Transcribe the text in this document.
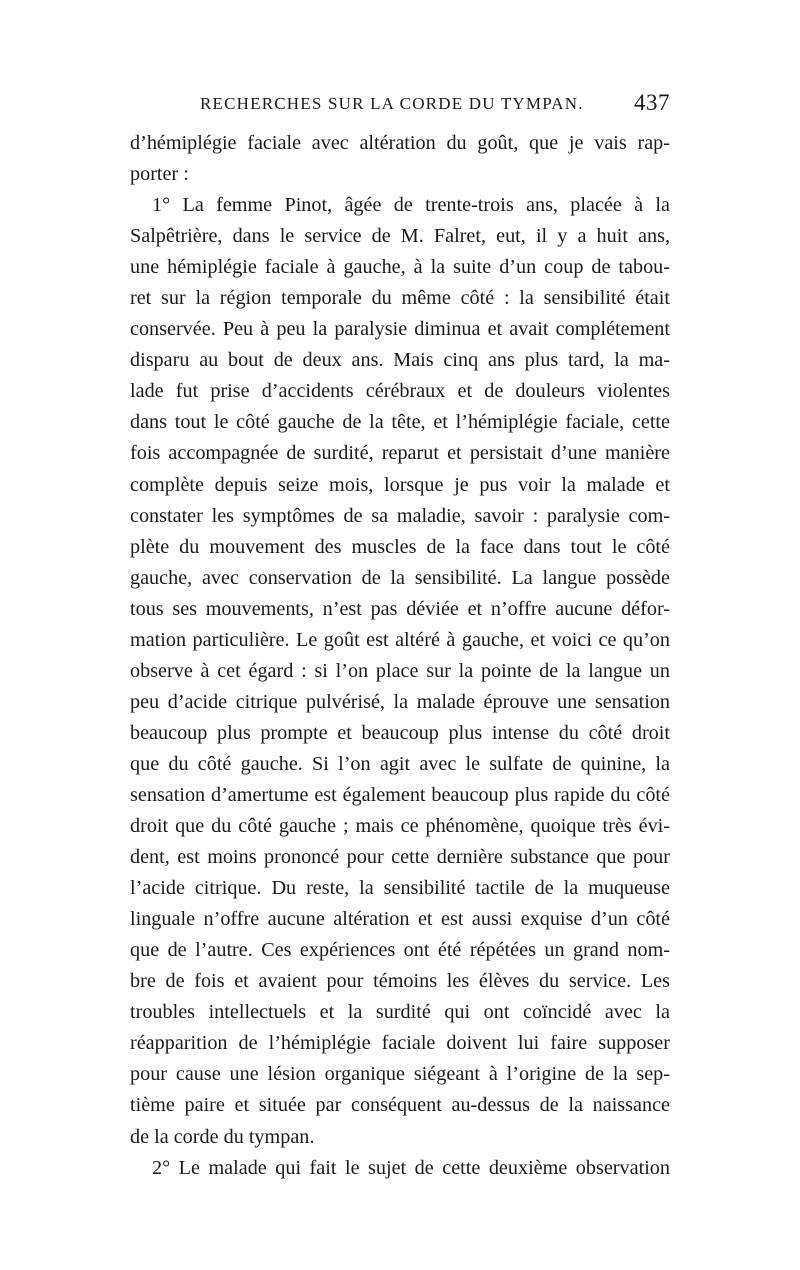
RECHERCHES SUR LA CORDE DU TYMPAN. 437
d’hémiplégie faciale avec altération du goût, que je vais rap-
porter :
1° La femme Pinot, âgée de trente-trois ans, placée à la
Salpêtrière, dans le service de M. Falret, eut, il y a huit ans,
une hémiplégie faciale à gauche, à la suite d’un coup de tabou-
ret sur la région temporale du même côté : la sensibilité était
conservée. Peu à peu la paralysie diminua et avait complétement
disparu au bout de deux ans. Mais cinq ans plus tard, la ma-
lade fut prise d’accidents cérébraux et de douleurs violentes
dans tout le côté gauche de la tête, et l’hémiplégie faciale, cette
fois accompagnée de surdité, reparut et persistait d’une manière
complète depuis seize mois, lorsque je pus voir la malade et
constater les symptômes de sa maladie, savoir : paralysie com-
plète du mouvement des muscles de la face dans tout le côté
gauche, avec conservation de la sensibilité. La langue possède
tous ses mouvements, n’est pas déviée et n’offre aucune défor-
mation particulière. Le goût est altéré à gauche, et voici ce qu’on
observe à cet égard : si l’on place sur la pointe de la langue un
peu d’acide citrique pulvérisé, la malade éprouve une sensation
beaucoup plus prompte et beaucoup plus intense du côté droit
que du côté gauche. Si l’on agit avec le sulfate de quinine, la
sensation d’amertume est également beaucoup plus rapide du côté
droit que du côté gauche ; mais ce phénomène, quoique très évi-
dent, est moins prononcé pour cette dernière substance que pour
l’acide citrique. Du reste, la sensibilité tactile de la muqueuse
linguale n’offre aucune altération et est aussi exquise d’un côté
que de l’autre. Ces expériences ont été répétées un grand nom-
bre de fois et avaient pour témoins les élèves du service. Les
troubles intellectuels et la surdité qui ont coïncidé avec la
réapparition de l’hémiplégie faciale doivent lui faire supposer
pour cause une lésion organique siégeant à l’origine de la sep-
tième paire et située par conséquent au-dessus de la naissance
de la corde du tympan.
2° Le malade qui fait le sujet de cette deuxième observation
